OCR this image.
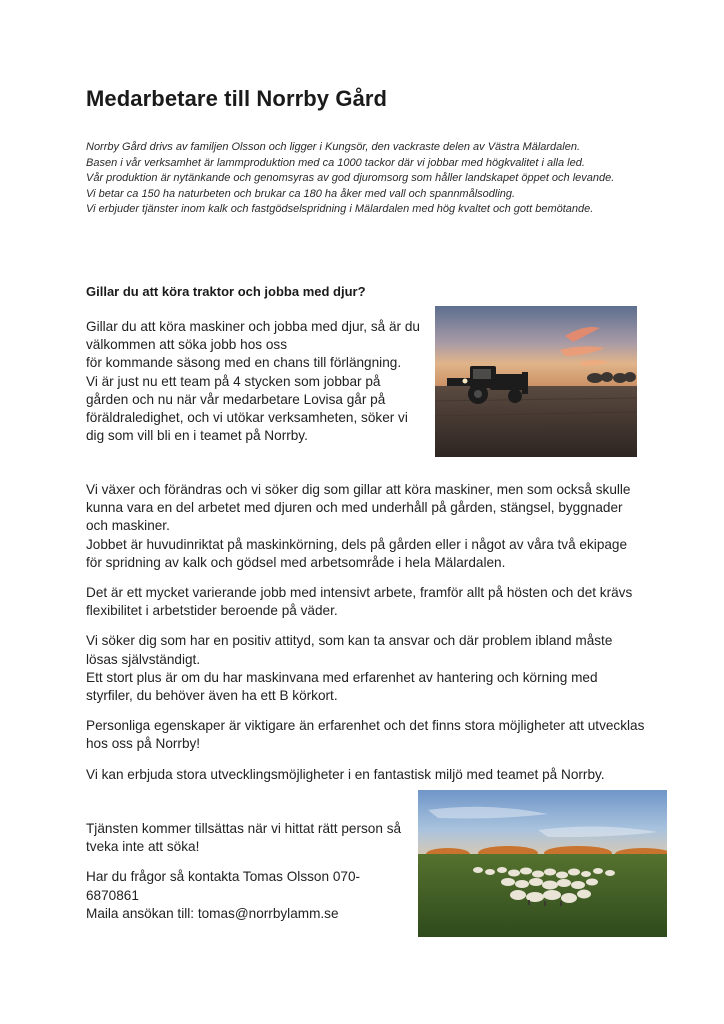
Medarbetare till Norrby Gård

Norrby Gård drivs av familjen Olsson och ligger i Kungsör, den vackraste delen av Västra Mälardalen.

Basen i vår verksamhet är lammproduktion med ca 1000 tackor där vi jobbar med högkvalitet i alla led.

Vår produktion är nytänkande och genomsyras av god djuromsorg som håller landskapet öppet och levande.

Vi betar ca 150 ha naturbeten och brukar ca 180 ha åker med vall och spannmålsodling.

Vi erbjuder tjänster inom kalk och fastgödselspridning i Mälardalen med hög kvaltet och gott bemötande.

Gillar du att köra traktor och jobba med djur?

Gillar du att köra maskiner och jobba med djur, så är du välkommen att söka jobb hos oss

för kommande säsong med en chans till förlängning.

Vi är just nu ett team på 4 stycken som jobbar på gården och nu när vår medarbetare Lovisa går på föräldraledighet, och vi utökar verksamheten, söker vi dig som vill bli en i teamet på Norrby.

Vi växer och förändras och vi söker dig som gillar att köra maskiner, men som också skulle kunna vara en del arbetet med djuren och med underhåll på gården, stängsel, byggnader och maskiner.
Jobbet är huvudinriktat på maskinkörning, dels på gården eller i något av våra två ekipage för spridning av kalk och gödsel med arbetsområde i hela Mälardalen.

Det är ett mycket varierande jobb med intensivt arbete, framför allt på hösten och det krävs flexibilitet i arbetstider beroende på väder.

Vi söker dig som har en positiv attityd, som kan ta ansvar och där problem ibland måste lösas självständigt.
Ett stort plus är om du har maskinvana med erfarenhet av hantering och körning med styrfiler, du behöver även ha ett B körkort.

Personliga egenskaper är viktigare än erfarenhet och det finns stora möjligheter att utvecklas hos oss på Norrby!

Vi kan erbjuda stora utvecklingsmöjligheter i en fantastisk miljö med teamet på Norrby.

Tjänsten kommer tillsättas när vi hittat rätt person så tveka inte att söka!

Har du frågor så kontakta Tomas Olsson 070-6870861
Maila ansökan till: tomas@norrbylamm.se
